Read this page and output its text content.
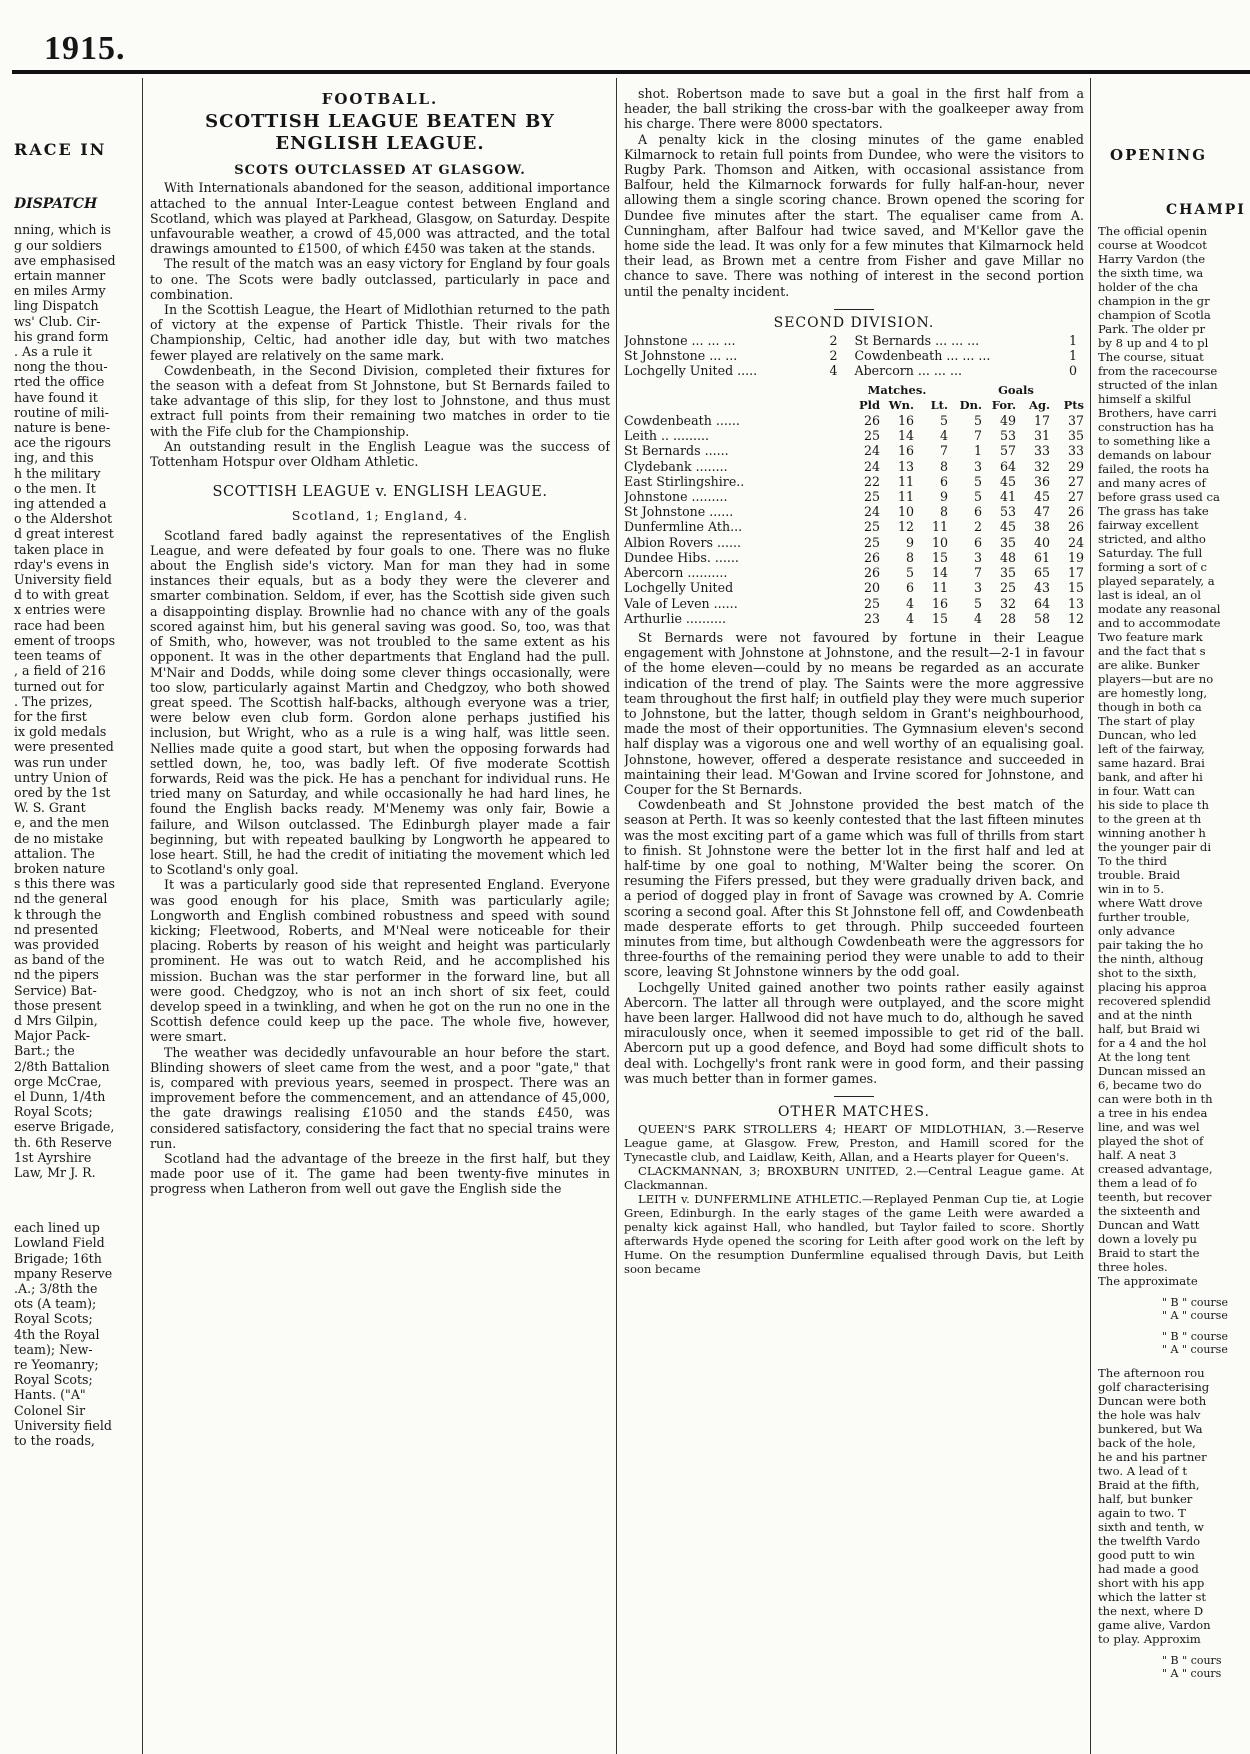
1915.
RACE IN
DISPATCH
nning, which is
g our soldiers
ave emphasised
ertain manner
en miles Army
ling Dispatch
ws' Club. Cir-
his grand form
. As a rule it
nong the thou-
rted the office
have found it
routine of mili-
nature is bene-
ace the rigours
ing, and this
h the military
o the men. It
ing attended a
o the Aldershot
d great interest
taken place in
rday's evens in
University field
d to with great
x entries were
race had been
ement of troops
teen teams of
, a field of 216
turned out for
. The prizes,
for the first
ix gold medals
were presented
was run under
untry Union of
ored by the 1st
W. S. Grant
e, and the men
de no mistake
attalion. The
broken nature
s this there was
nd the general
k through the
nd presented
was provided
as band of the
nd the pipers
Service) Bat-
those present
d Mrs Gilpin,
Major Pack-
Bart.; the
2/8th Battalion
orge McCrae,
el Dunn, 1/4th
Royal Scots;
eserve Brigade,
th. 6th Reserve
1st Ayrshire
Law, Mr J. R.
each lined up
Lowland Field
Brigade; 16th
mpany Reserve
.A.; 3/8th the
ots (A team);
Royal Scots;
4th the Royal
team); New-
re Yeomanry;
Royal Scots;
Hants. ("A"
Colonel Sir
University field
to the roads,
FOOTBALL.
SCOTTISH LEAGUE BEATEN BY ENGLISH LEAGUE.
SCOTS OUTCLASSED AT GLASGOW.

With Internationals abandoned for the season, additional importance attached to the annual Inter-League contest between England and Scotland, which was played at Parkhead, Glasgow, on Saturday. Despite unfavourable weather, a crowd of 45,000 was attracted, and the total drawings amounted to £1500, of which £450 was taken at the stands.

The result of the match was an easy victory for England by four goals to one. The Scots were badly outclassed, particularly in pace and combination.

In the Scottish League, the Heart of Midlothian returned to the path of victory at the expense of Partick Thistle. Their rivals for the Championship, Celtic, had another idle day, but with two matches fewer played are relatively on the same mark.

Cowdenbeath, in the Second Division, completed their fixtures for the season with a defeat from St Johnstone, but St Bernards failed to take advantage of this slip, for they lost to Johnstone, and thus must extract full points from their remaining two matches in order to tie with the Fife club for the Championship.

An outstanding result in the English League was the success of Tottenham Hotspur over Oldham Athletic.

SCOTTISH LEAGUE v. ENGLISH LEAGUE.
Scotland, 1; England, 4.

Scotland fared badly against the representatives of the English League, and were defeated by four goals to one. There was no fluke about the English side's victory. Man for man they had in some instances their equals, but as a body they were the cleverer and smarter combination. Seldom, if ever, has the Scottish side given such a disappointing display. Brownlie had no chance with any of the goals scored against him, but his general saving was good. So, too, was that of Smith, who, however, was not troubled to the same extent as his opponent. It was in the other departments that England had the pull. M'Nair and Dodds, while doing some clever things occasionally, were too slow, particularly against Martin and Chedgzoy, who both showed great speed. The Scottish half-backs, although everyone was a trier, were below even club form. Gordon alone perhaps justified his inclusion, but Wright, who as a rule is a wing half, was little seen. Nellies made quite a good start, but when the opposing forwards had settled down, he, too, was badly left. Of five moderate Scottish forwards, Reid was the pick. He has a penchant for individual runs. He tried many on Saturday, and while occasionally he had hard lines, he found the English backs ready. M'Menemy was only fair, Bowie a failure, and Wilson outclassed. The Edinburgh player made a fair beginning, but with repeated baulking by Longworth he appeared to lose heart. Still, he had the credit of initiating the movement which led to Scotland's only goal.

It was a particularly good side that represented England. Everyone was good enough for his place, Smith was particularly agile; Longworth and English combined robustness and speed with sound kicking; Fleetwood, Roberts, and M'Neal were noticeable for their placing. Roberts by reason of his weight and height was particularly prominent. He was out to watch Reid, and he accomplished his mission. Buchan was the star performer in the forward line, but all were good. Chedgzoy, who is not an inch short of six feet, could develop speed in a twinkling, and when he got on the run no one in the Scottish defence could keep up the pace. The whole five, however, were smart.

The weather was decidedly unfavourable an hour before the start. Blinding showers of sleet came from the west, and a poor "gate," that is, compared with previous years, seemed in prospect. There was an improvement before the commencement, and an attendance of 45,000, the gate drawings realising £1050 and the stands £450, was considered satisfactory, considering the fact that no special trains were run.

Scotland had the advantage of the breeze in the first half, but they made poor use of it. The game had been twenty-five minutes in progress when Latheron from well out gave the English side the

shot. Robertson made to save but a goal in the first half from a header, the ball striking the cross-bar with the goalkeeper away from his charge. There were 8000 spectators.

A penalty kick in the closing minutes of the game enabled Kilmarnock to retain full points from Dundee, who were the visitors to Rugby Park. Thomson and Aitken, with occasional assistance from Balfour, held the Kilmarnock forwards for fully half-an-hour, never allowing them a single scoring chance. Brown opened the scoring for Dundee five minutes after the start. The equaliser came from A. Cunningham, after Balfour had twice saved, and M'Kellor gave the home side the lead. It was only for a few minutes that Kilmarnock held their lead, as Brown met a centre from Fisher and gave Millar no chance to save. There was nothing of interest in the second portion until the penalty incident.

SECOND DIVISION.
Johnstone ... ... ...	2	St Bernards ... ... ...	1
St Johnstone ... ...	2	Cowdenbeath ... ... ...	1
Lochgelly United .....	4	Abercorn ... ... ...	0
	Matches.				Goals		
	Pld	Wn.	Lt.	Dn.	For.	Ag.	Pts
Cowdenbeath ......	26	16	5	5	49	17	37
Leith .. .........	25	14	4	7	53	31	35
St Bernards ......	24	16	7	1	57	33	33
Clydebank ........	24	13	8	3	64	32	29
East Stirlingshire..	22	11	6	5	45	36	27
Johnstone .........	25	11	9	5	41	45	27
St Johnstone ......	24	10	8	6	53	47	26
Dunfermline Ath...	25	12	11	2	45	38	26
Albion Rovers ......	25	9	10	6	35	40	24
Dundee Hibs. ......	26	8	15	3	48	61	19
Abercorn ..........	26	5	14	7	35	65	17
Lochgelly United	20	6	11	3	25	43	15
Vale of Leven ......	25	4	16	5	32	64	13
Arthurlie ..........	23	4	15	4	28	58	12

St Bernards were not favoured by fortune in their League engagement with Johnstone at Johnstone, and the result—2-1 in favour of the home eleven—could by no means be regarded as an accurate indication of the trend of play. The Saints were the more aggressive team throughout the first half; in outfield play they were much superior to Johnstone, but the latter, though seldom in Grant's neighbourhood, made the most of their opportunities. The Gymnasium eleven's second half display was a vigorous one and well worthy of an equalising goal. Johnstone, however, offered a desperate resistance and succeeded in maintaining their lead. M'Gowan and Irvine scored for Johnstone, and Couper for the St Bernards.

Cowdenbeath and St Johnstone provided the best match of the season at Perth. It was so keenly contested that the last fifteen minutes was the most exciting part of a game which was full of thrills from start to finish. St Johnstone were the better lot in the first half and led at half-time by one goal to nothing, M'Walter being the scorer. On resuming the Fifers pressed, but they were gradually driven back, and a period of dogged play in front of Savage was crowned by A. Comrie scoring a second goal. After this St Johnstone fell off, and Cowdenbeath made desperate efforts to get through. Philp succeeded fourteen minutes from time, but although Cowdenbeath were the aggressors for three-fourths of the remaining period they were unable to add to their score, leaving St Johnstone winners by the odd goal.

Lochgelly United gained another two points rather easily against Abercorn. The latter all through were outplayed, and the score might have been larger. Hallwood did not have much to do, although he saved miraculously once, when it seemed impossible to get rid of the ball. Abercorn put up a good defence, and Boyd had some difficult shots to deal with. Lochgelly's front rank were in good form, and their passing was much better than in former games.

OTHER MATCHES.

QUEEN'S PARK STROLLERS 4; HEART OF MIDLOTHIAN, 3.—Reserve League game, at Glasgow. Frew, Preston, and Hamill scored for the Tynecastle club, and Laidlaw, Keith, Allan, and a Hearts player for Queen's.

CLACKMANNAN, 3; BROXBURN UNITED, 2.—Central League game. At Clackmannan.

LEITH v. DUNFERMLINE ATHLETIC.—Replayed Penman Cup tie, at Logie Green, Edinburgh. In the early stages of the game Leith were awarded a penalty kick against Hall, who handled, but Taylor failed to score. Shortly afterwards Hyde opened the scoring for Leith after good work on the left by Hume. On the resumption Dunfermline equalised through Davis, but Leith soon became

OPENING
CHAMPI
The official openin
course at Woodcot
Harry Vardon (the
the sixth time, wa
holder of the cha
champion in the gr
champion of Scotla
Park. The older pr
by 8 up and 4 to pl
The course, situat
from the racecourse
structed of the inlan
himself a skilful
Brothers, have carri
construction has ha
to something like a
demands on labour
failed, the roots ha
and many acres of
before grass used ca
The grass has take
fairway excellent
stricted, and altho
Saturday. The full
forming a sort of c
played separately, a
last is ideal, an ol
modate any reasonal
and to accommodate
Two feature mark
and the fact that s
are alike. Bunker
players—but are no
are homestly long,
though in both ca
The start of play
Duncan, who led
left of the fairway,
same hazard. Brai
bank, and after hi
in four. Watt can
his side to place th
to the green at th
winning another h
the younger pair di
To the third
trouble. Braid
win in to 5.
where Watt drove
further trouble,
only advance
pair taking the ho
the ninth, althoug
shot to the sixth,
placing his approa
recovered splendid
and at the ninth
half, but Braid wi
for a 4 and the hol
At the long tent
Duncan missed an
6, became two do
can were both in th
a tree in his endea
line, and was wel
played the shot of
half. A neat 3
creased advantage,
them a lead of fo
teenth, but recover
the sixteenth and
Duncan and Watt
down a lovely pu
Braid to start the
three holes.
The approximate
" B " course
" A " course
" B " course
" A " course
The afternoon rou
golf characterising
Duncan were both
the hole was halv
bunkered, but Wa
back of the hole,
he and his partner
two. A lead of t
Braid at the fifth,
half, but bunker
again to two. T
sixth and tenth, w
the twelfth Vardo
good putt to win
had made a good
short with his app
which the latter st
the next, where D
game alive, Vardon
to play. Approxim
" B " cours
" A " cours
